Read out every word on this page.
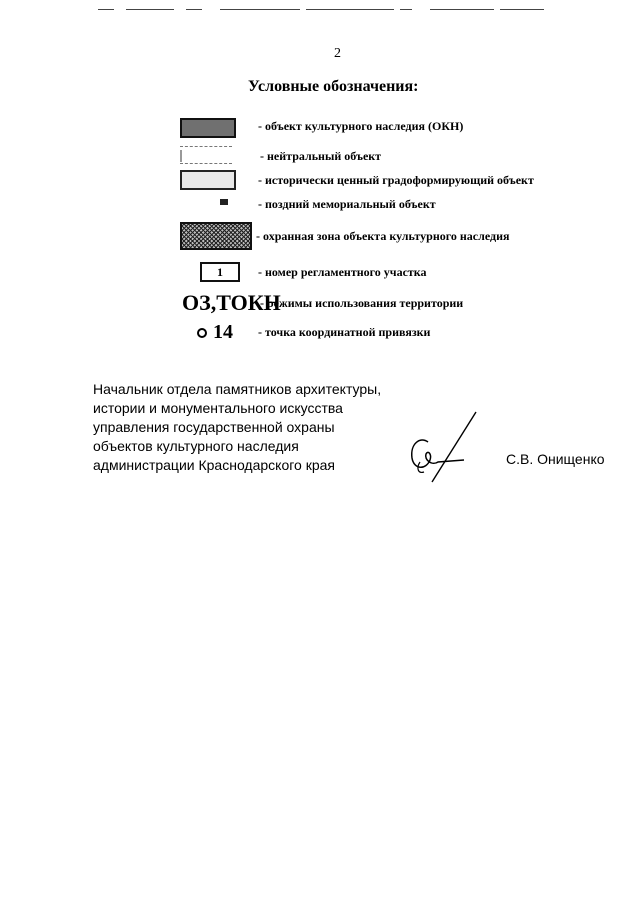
2
Условные обозначения:
- объект культурного наследия (ОКН)
- нейтральный объект
- исторически ценный градоформирующий объект
- поздний мемориальный объект
- охранная зона объекта культурного наследия
1	- номер регламентного участка
ОЗ,ТОКН
- режимы использования территории
14 - точка координатной привязки
Начальник отдела памятников архитектуры,
истории и монументального искусства
управления государственной охраны
объектов культурного наследия
администрации Краснодарского края	С.В. Онищенко
